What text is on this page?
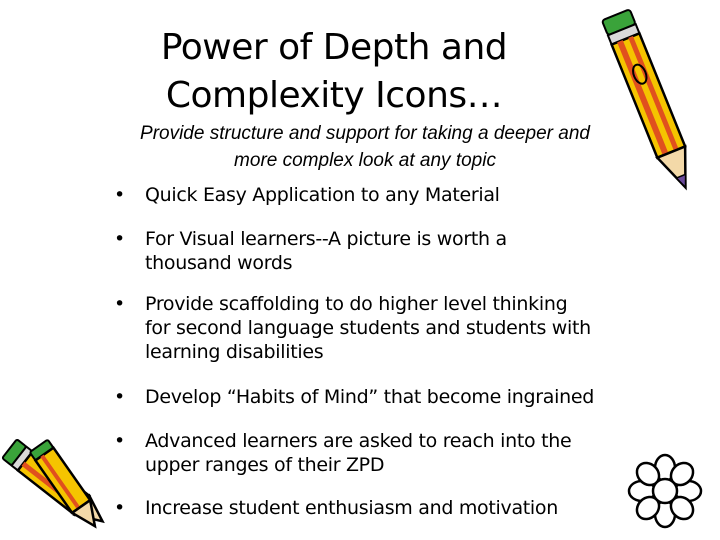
Power of Depth and
Complexity Icons…
Provide structure and support for taking a deeper and
more complex look at any topic
• Quick Easy Application to any Material
• For Visual learners--A picture is worth a
thousand words
• Provide scaffolding to do higher level thinking
for second language students and students with
learning disabilities
• Develop “Habits of Mind” that become ingrained
• Advanced learners are asked to reach into the
upper ranges of their ZPD
• Increase student enthusiasm and motivation
